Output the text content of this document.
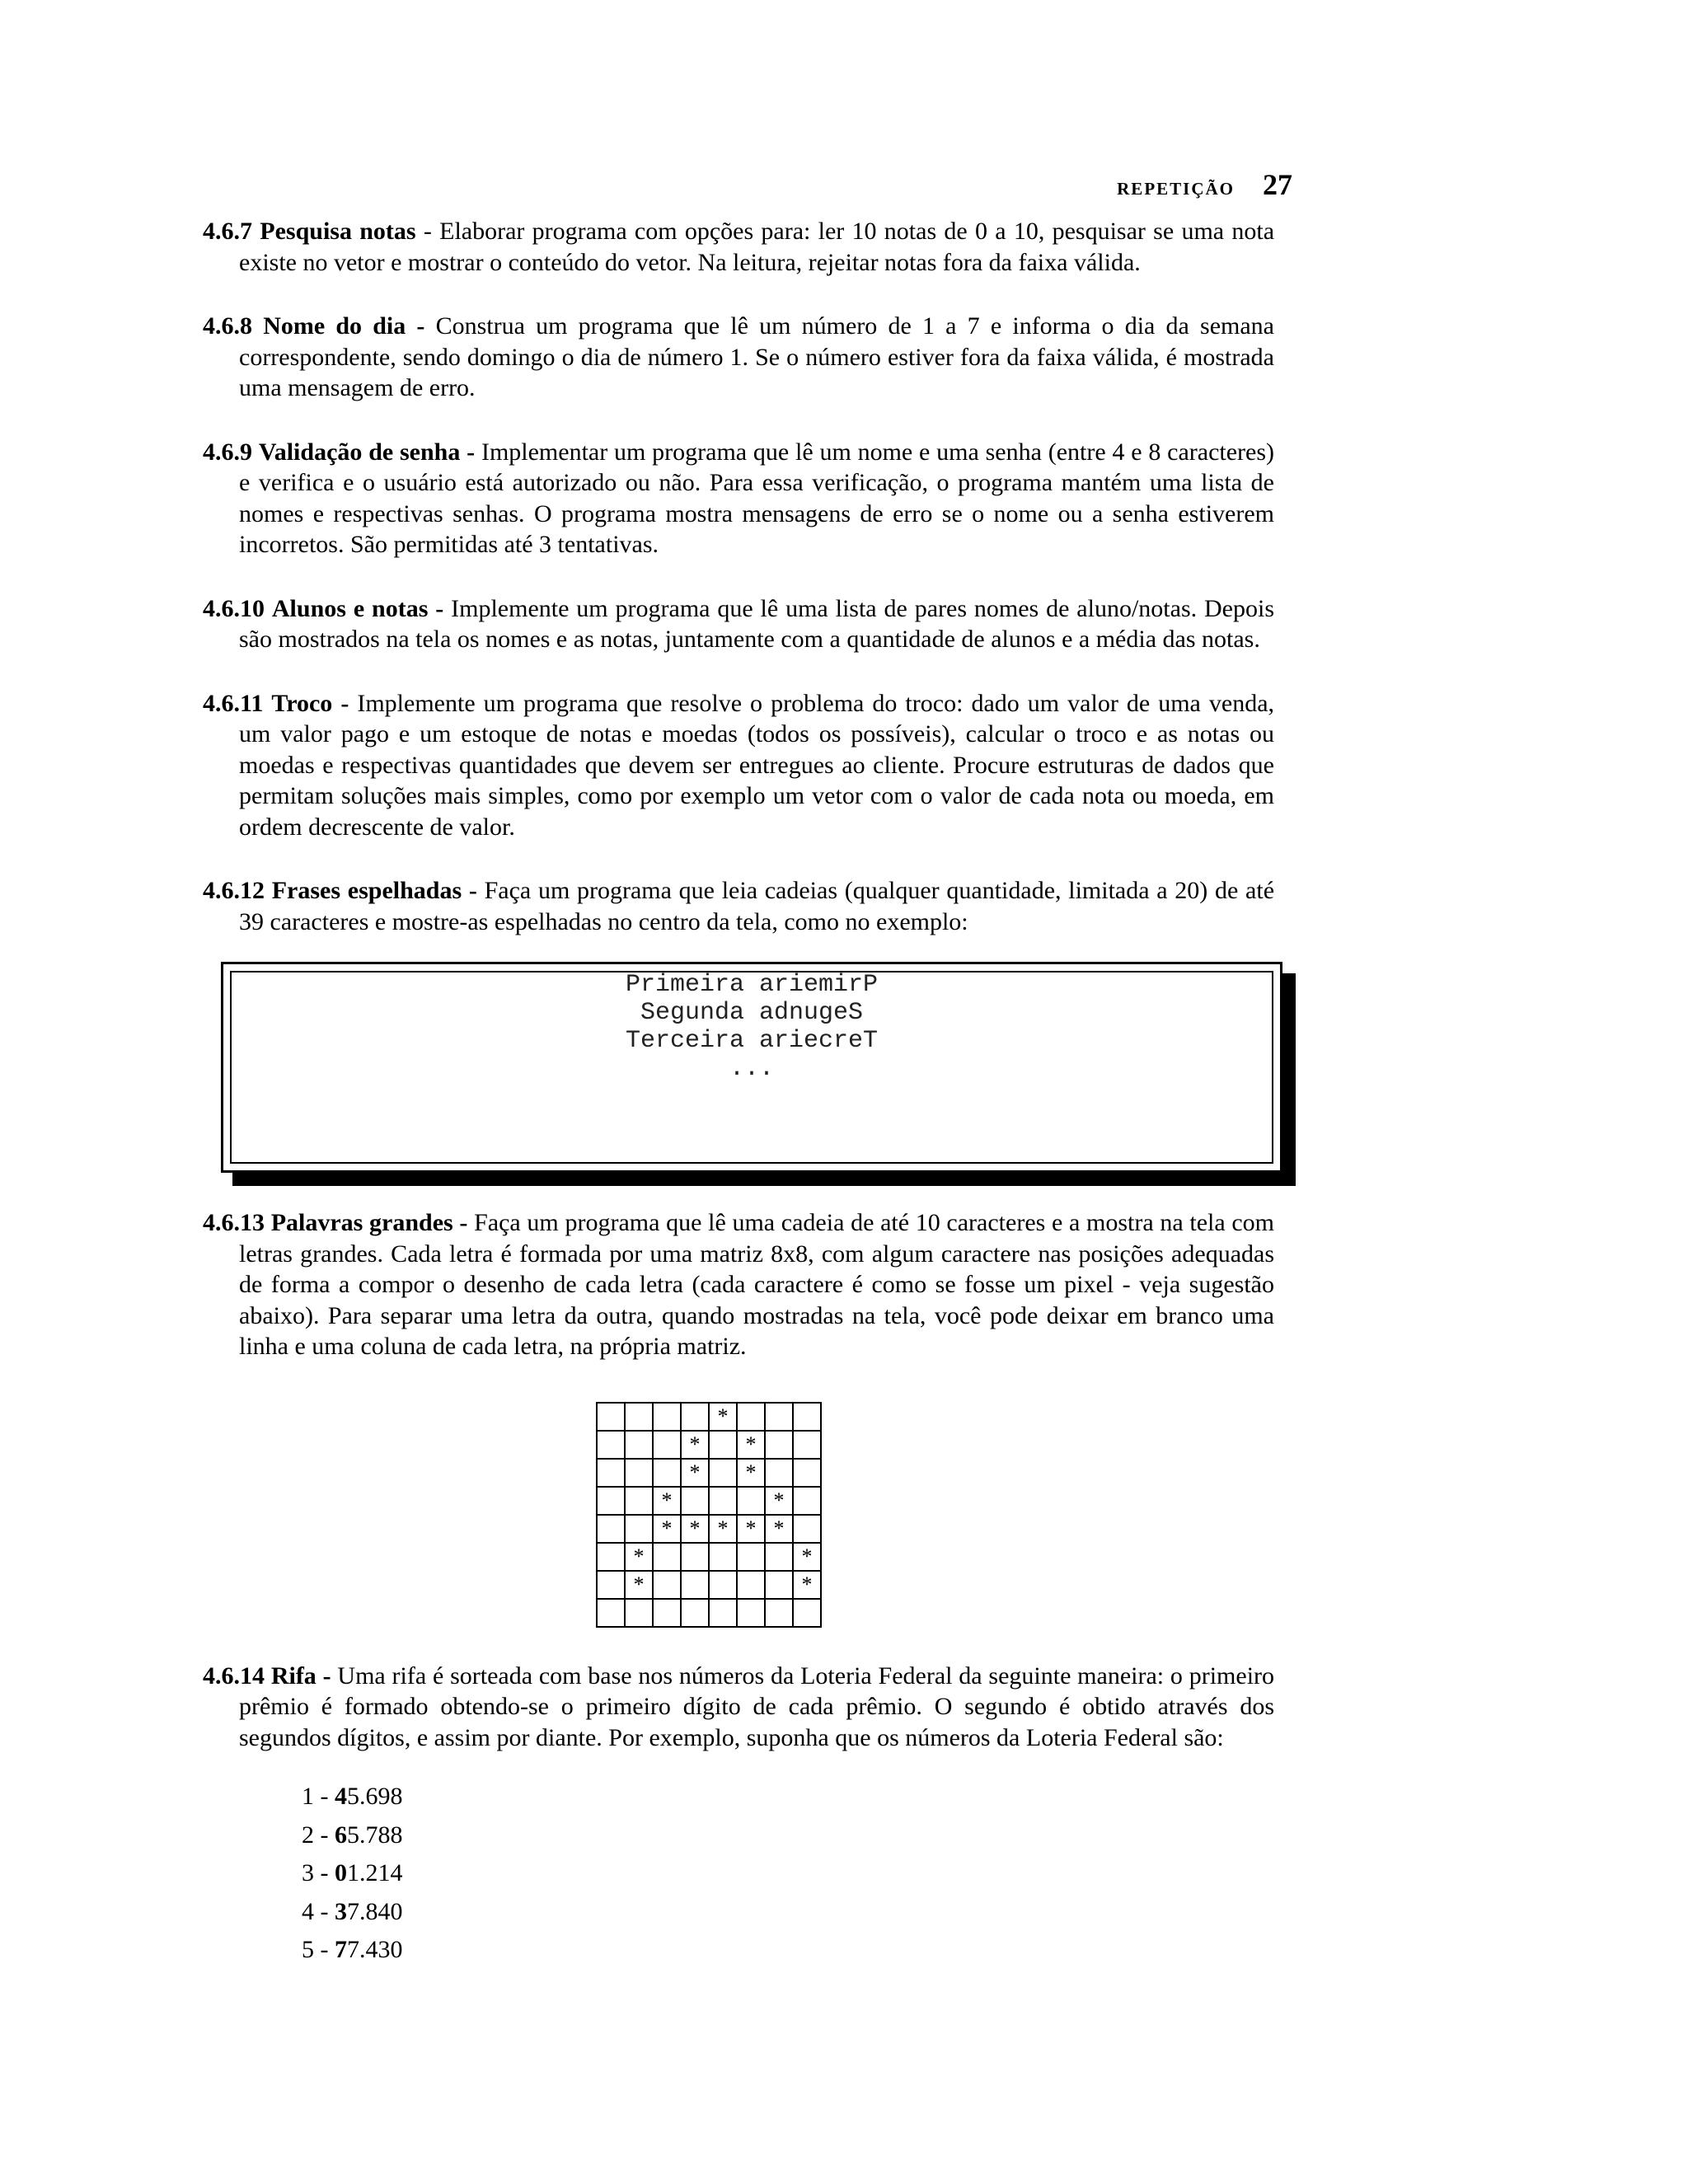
REPETIÇÃO 27

4.6.7 Pesquisa notas - Elaborar programa com opções para: ler 10 notas de 0 a 10, pesquisar se uma nota existe no vetor e mostrar o conteúdo do vetor. Na leitura, rejeitar notas fora da faixa válida.

4.6.8 Nome do dia - Construa um programa que lê um número de 1 a 7 e informa o dia da semana correspondente, sendo domingo o dia de número 1. Se o número estiver fora da faixa válida, é mostrada uma mensagem de erro.

4.6.9 Validação de senha - Implementar um programa que lê um nome e uma senha (entre 4 e 8 caracteres) e verifica e o usuário está autorizado ou não. Para essa verificação, o programa mantém uma lista de nomes e respectivas senhas. O programa mostra mensagens de erro se o nome ou a senha estiverem incorretos. São permitidas até 3 tentativas.

4.6.10 Alunos e notas - Implemente um programa que lê uma lista de pares nomes de aluno/notas. Depois são mostrados na tela os nomes e as notas, juntamente com a quantidade de alunos e a média das notas.

4.6.11 Troco - Implemente um programa que resolve o problema do troco: dado um valor de uma venda, um valor pago e um estoque de notas e moedas (todos os possíveis), calcular o troco e as notas ou moedas e respectivas quantidades que devem ser entregues ao cliente. Procure estruturas de dados que permitam soluções mais simples, como por exemplo um vetor com o valor de cada nota ou moeda, em ordem decrescente de valor.

4.6.12 Frases espelhadas - Faça um programa que leia cadeias (qualquer quantidade, limitada a 20) de até 39 caracteres e mostre-as espelhadas no centro da tela, como no exemplo:

Primeira ariemirP
Segunda adnugeS
Terceira ariecreT
...

4.6.13 Palavras grandes - Faça um programa que lê uma cadeia de até 10 caracteres e a mostra na tela com letras grandes. Cada letra é formada por uma matriz 8x8, com algum caractere nas posições adequadas de forma a compor o desenho de cada letra (cada caractere é como se fosse um pixel - veja sugestão abaixo). Para separar uma letra da outra, quando mostradas na tela, você pode deixar em branco uma linha e uma coluna de cada letra, na própria matriz.

				*			
			*		*		
			*		*		
		*				*	
		*	*	*	*	*	
	*						*
	*						*

4.6.14 Rifa - Uma rifa é sorteada com base nos números da Loteria Federal da seguinte maneira: o primeiro prêmio é formado obtendo-se o primeiro dígito de cada prêmio. O segundo é obtido através dos segundos dígitos, e assim por diante. Por exemplo, suponha que os números da Loteria Federal são:

1 - 45.698
2 - 65.788
3 - 01.214
4 - 37.840
5 - 77.430
